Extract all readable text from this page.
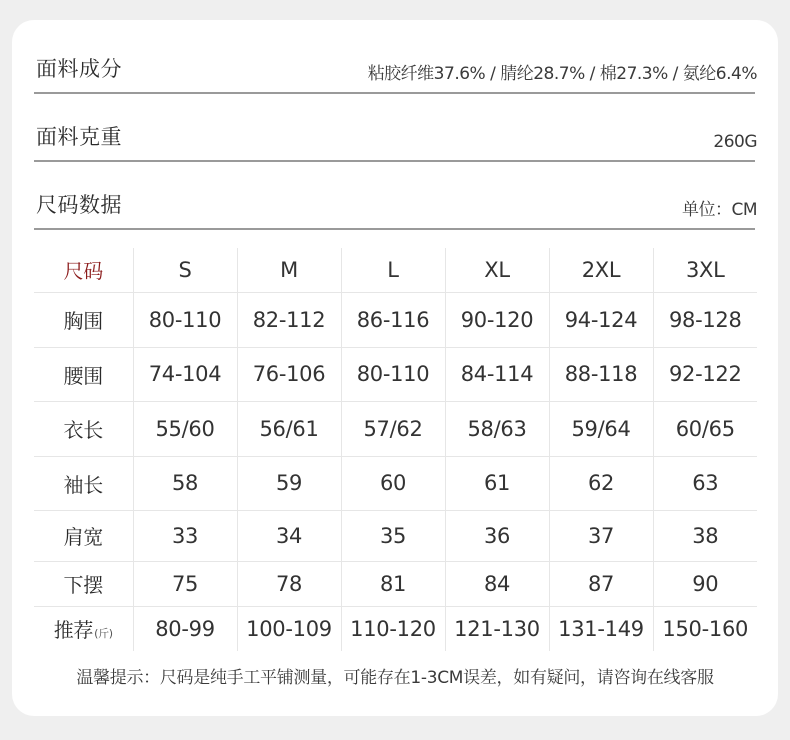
面料成分	粘胶纤维37.6% / 腈纶28.7% / 棉27.3% / 氨纶6.4%
面料克重	260G
尺码数据	单位：CM
尺码	S	M	L	XL	2XL	3XL
胸围	80-110	82-112	86-116	90-120	94-124	98-128
腰围	74-104	76-106	80-110	84-114	88-118	92-122
衣长	55/60	56/61	57/62	58/63	59/64	60/65
袖长	58	59	60	61	62	63
肩宽	33	34	35	36	37	38
下摆	75	78	81	84	87	90
推荐(斤)	80-99	100-109	110-120	121-130	131-149	150-160
温馨提示：尺码是纯手工平铺测量，可能存在1-3CM误差，如有疑问，请咨询在线客服
